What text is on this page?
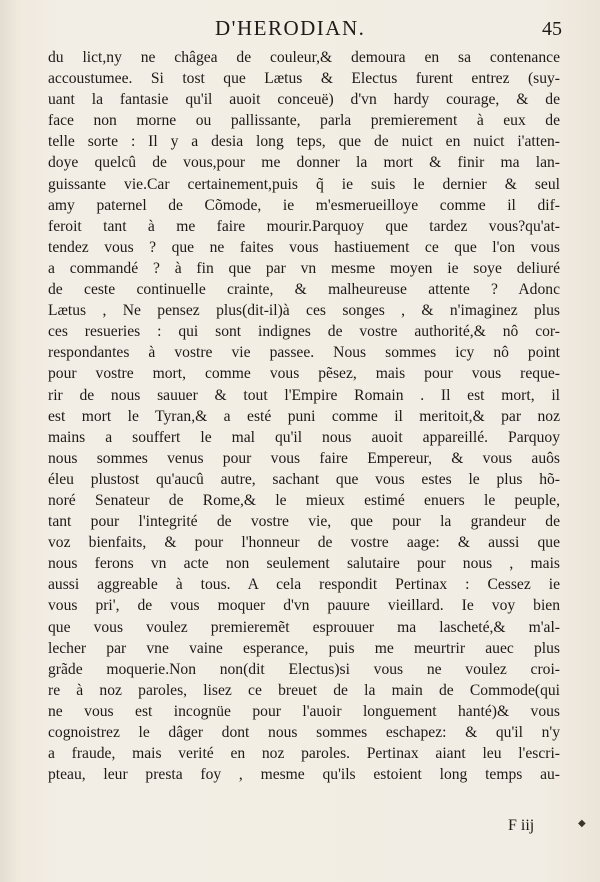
D'HERODIAN.	45
du lict,ny ne châgea de couleur,& demoura en sa contenance
accoustumee. Si tost que Lætus & Electus furent entrez (suy-
uant la fantasie qu'il auoit conceuë) d'vn hardy courage, & de
face non morne ou pallissante, parla premierement à eux de
telle sorte : Il y a desia long teps, que de nuict en nuict i'atten-
doye quelcû de vous,pour me donner la mort & finir ma lan-
guissante vie.Car certainement,puis q̃ ie suis le dernier & seul
amy paternel de Cõmode, ie m'esmerueilloye comme il dif-
feroit tant à me faire mourir.Parquoy que tardez vous?qu'at-
tendez vous ? que ne faites vous hastiuement ce que l'on vous
a commandé ? à fin que par vn mesme moyen ie soye deliuré
de ceste continuelle crainte, & malheureuse attente ? Adonc
Lætus , Ne pensez plus(dit-il)à ces songes , & n'imaginez plus
ces resueries : qui sont indignes de vostre authorité,& nô cor-
respondantes à vostre vie passee. Nous sommes icy nô point
pour vostre mort, comme vous pẽsez, mais pour vous reque-
rir de nous sauuer & tout l'Empire Romain . Il est mort, il
est mort le Tyran,& a esté puni comme il meritoit,& par noz
mains a souffert le mal qu'il nous auoit appareillé. Parquoy
nous sommes venus pour vous faire Empereur, & vous auôs
éleu plustost qu'aucû autre, sachant que vous estes le plus hõ-
noré Senateur de Rome,& le mieux estimé enuers le peuple,
tant pour l'integrité de vostre vie, que pour la grandeur de
voz bienfaits, & pour l'honneur de vostre aage: & aussi que
nous ferons vn acte non seulement salutaire pour nous , mais
aussi aggreable à tous. A cela respondit Pertinax : Cessez ie
vous pri', de vous moquer d'vn pauure vieillard. Ie voy bien
que vous voulez premieremẽt esprouuer ma lascheté,& m'al-
lecher par vne vaine esperance, puis me meurtrir auec plus
grãde moquerie.Non non(dit Electus)si vous ne voulez croi-
re à noz paroles, lisez ce breuet de la main de Commode(qui
ne vous est incognüe pour l'auoir longuement hanté)& vous
cognoistrez le dâger dont nous sommes eschapez: & qu'il n'y
a fraude, mais verité en noz paroles. Pertinax aiant leu l'escri-
pteau, leur presta foy , mesme qu'ils estoient long temps au-
F iij	◆
